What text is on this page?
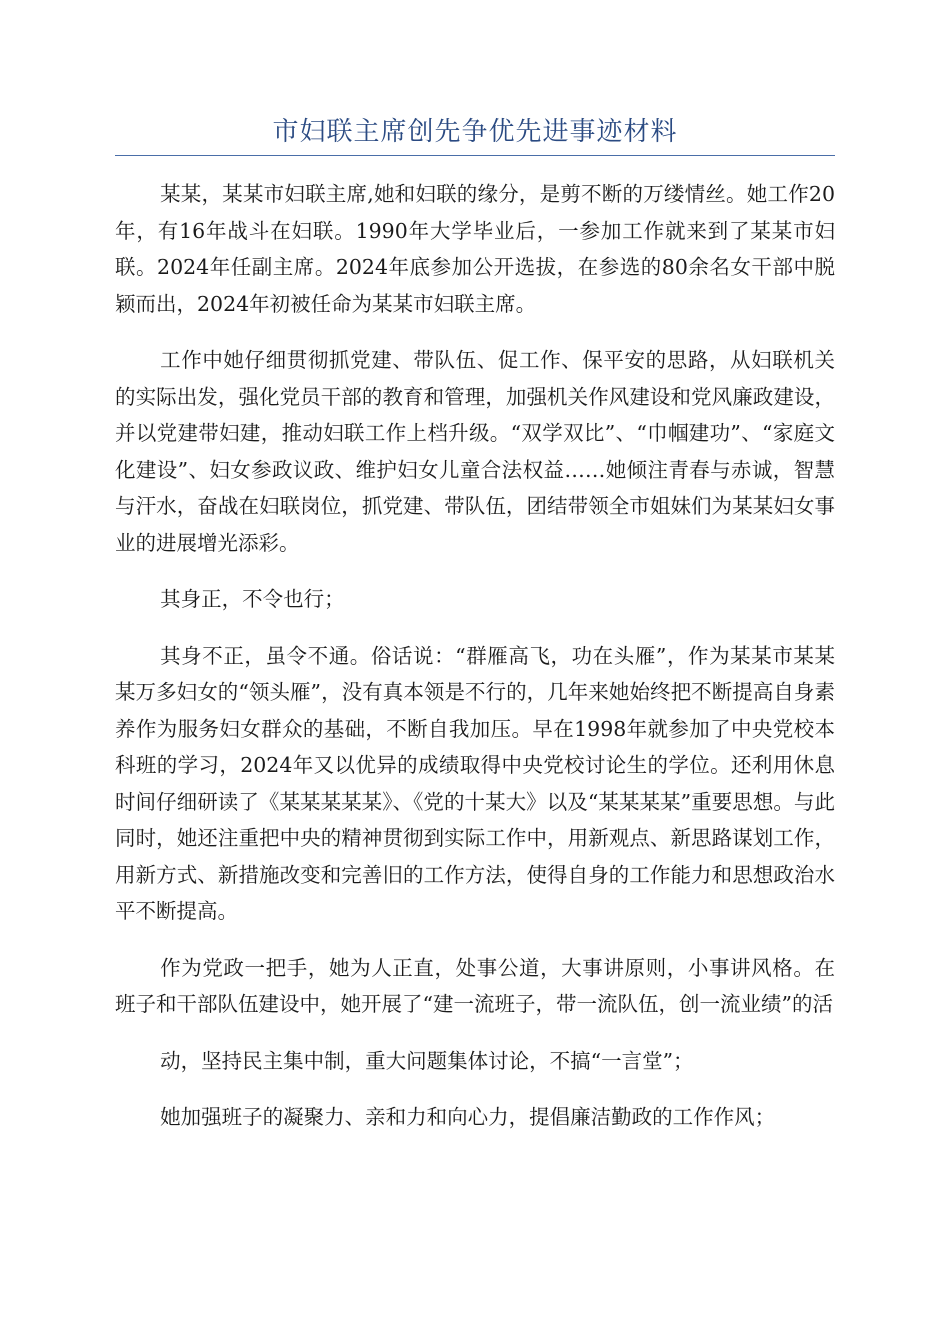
市妇联主席创先争优先进事迹材料

某某，某某市妇联主席,她和妇联的缘分，是剪不断的万缕情丝。她工作20年，有16年战斗在妇联。1990年大学毕业后，一参加工作就来到了某某市妇联。2024年任副主席。2024年底参加公开选拔，在参选的80余名女干部中脱颖而出，2024年初被任命为某某市妇联主席。

工作中她仔细贯彻抓党建、带队伍、促工作、保平安的思路，从妇联机关的实际出发，强化党员干部的教育和管理，加强机关作风建设和党风廉政建设，并以党建带妇建，推动妇联工作上档升级。“双学双比”、“巾帼建功”、“家庭文化建设”、妇女参政议政、维护妇女儿童合法权益……她倾注青春与赤诚，智慧与汗水，奋战在妇联岗位，抓党建、带队伍，团结带领全市姐妹们为某某妇女事业的进展增光添彩。

其身正，不令也行；

其身不正，虽令不通。俗话说：“群雁高飞，功在头雁”，作为某某市某某某万多妇女的“领头雁”，没有真本领是不行的，几年来她始终把不断提高自身素养作为服务妇女群众的基础，不断自我加压。早在1998年就参加了中央党校本科班的学习，2024年又以优异的成绩取得中央党校讨论生的学位。还利用休息时间仔细研读了《某某某某某》、《党的十某大》以及“某某某某”重要思想。与此同时，她还注重把中央的精神贯彻到实际工作中，用新观点、新思路谋划工作，用新方式、新措施改变和完善旧的工作方法，使得自身的工作能力和思想政治水平不断提高。

作为党政一把手，她为人正直，处事公道，大事讲原则，小事讲风格。在班子和干部队伍建设中，她开展了“建一流班子，带一流队伍，创一流业绩”的活

动，坚持民主集中制，重大问题集体讨论，不搞“一言堂”；

她加强班子的凝聚力、亲和力和向心力，提倡廉洁勤政的工作作风；
